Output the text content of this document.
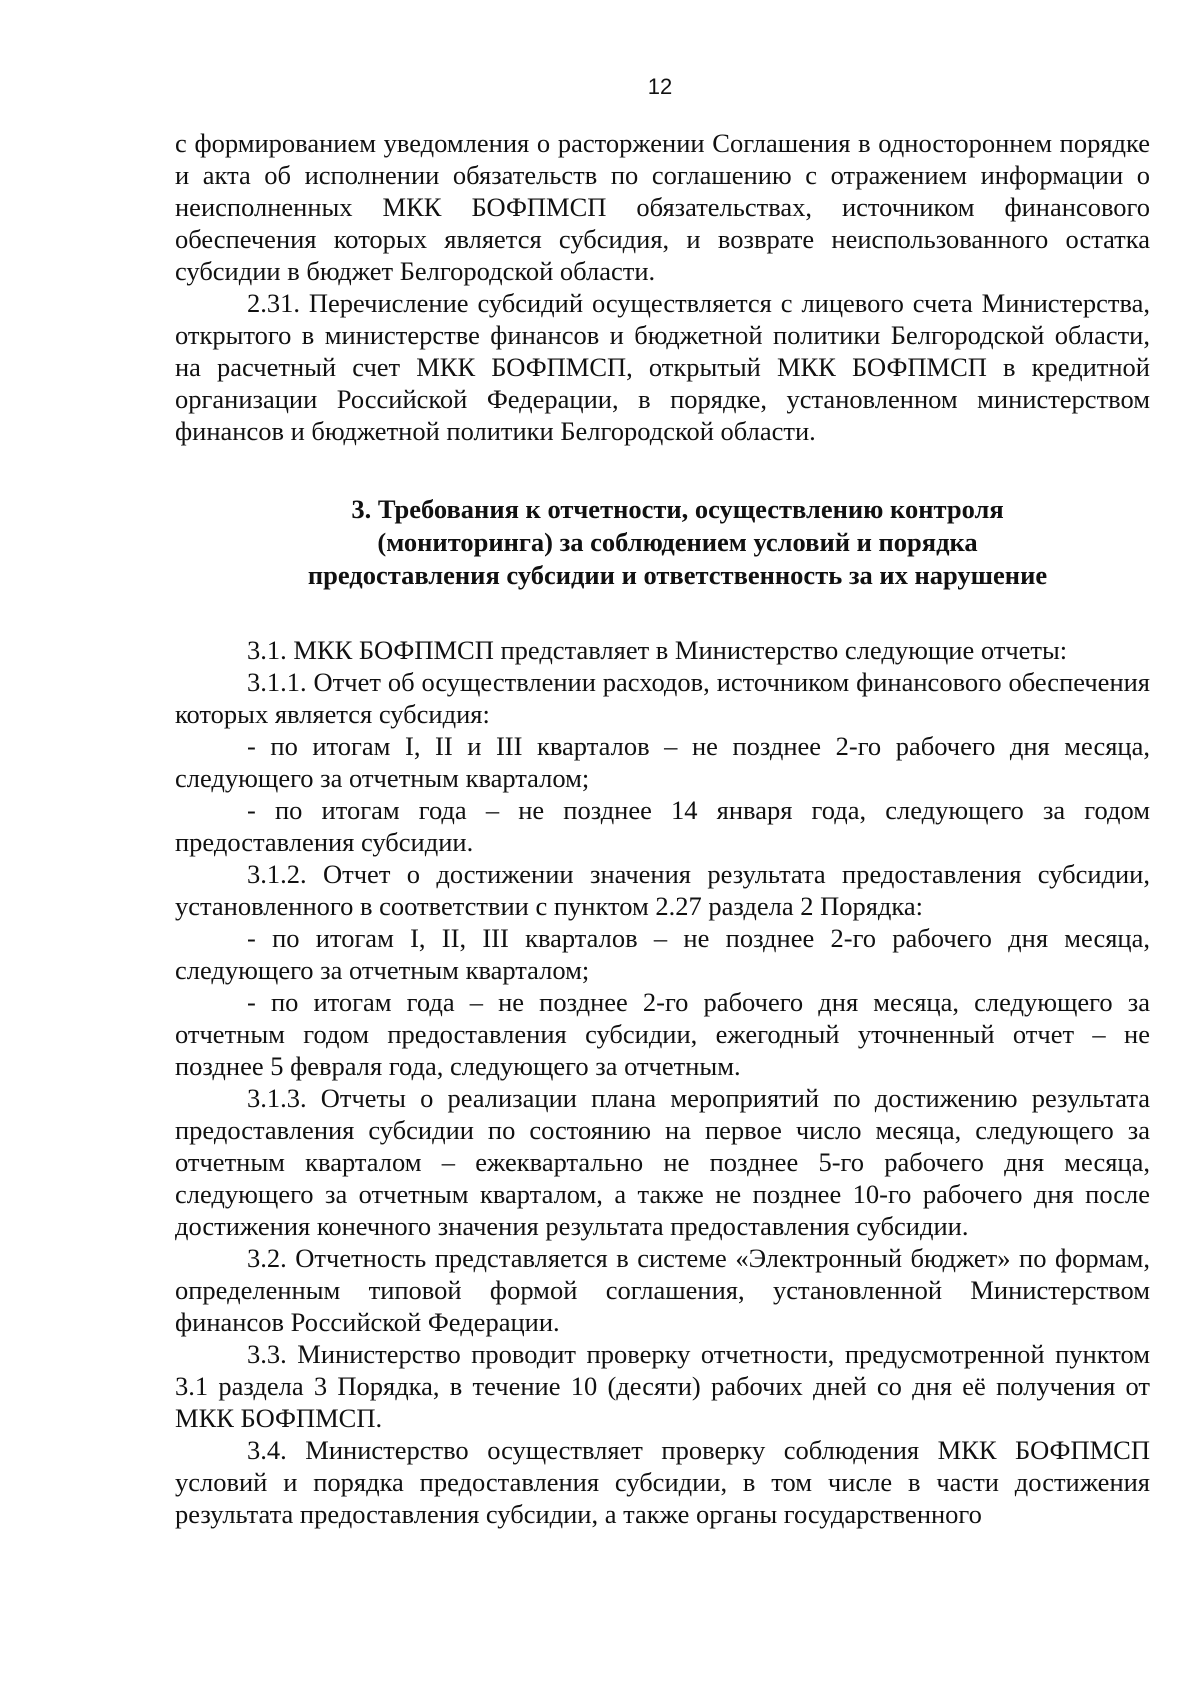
12

с формированием уведомления о расторжении Соглашения в одностороннем порядке и акта об исполнении обязательств по соглашению с отражением информации о неисполненных МКК БОФПМСП обязательствах, источником финансового обеспечения которых является субсидия, и возврате неиспользованного остатка субсидии в бюджет Белгородской области.

2.31. Перечисление субсидий осуществляется с лицевого счета Министерства, открытого в министерстве финансов и бюджетной политики Белгородской области, на расчетный счет МКК БОФПМСП, открытый МКК БОФПМСП в кредитной организации Российской Федерации, в порядке, установленном министерством финансов и бюджетной политики Белгородской области.

3. Требования к отчетности, осуществлению контроля
(мониторинга) за соблюдением условий и порядка
предоставления субсидии и ответственность за их нарушение

3.1. МКК БОФПМСП представляет в Министерство следующие отчеты:

3.1.1. Отчет об осуществлении расходов, источником финансового обеспечения которых является субсидия:

- по итогам I, II и III кварталов – не позднее 2-го рабочего дня месяца, следующего за отчетным кварталом;

- по итогам года – не позднее 14 января года, следующего за годом предоставления субсидии.

3.1.2. Отчет о достижении значения результата предоставления субсидии, установленного в соответствии с пунктом 2.27 раздела 2 Порядка:

- по итогам I, II, III кварталов – не позднее 2-го рабочего дня месяца, следующего за отчетным кварталом;

- по итогам года – не позднее 2-го рабочего дня месяца, следующего за отчетным годом предоставления субсидии, ежегодный уточненный отчет – не позднее 5 февраля года, следующего за отчетным.

3.1.3. Отчеты о реализации плана мероприятий по достижению результата предоставления субсидии по состоянию на первое число месяца, следующего за отчетным кварталом – ежеквартально не позднее 5-го рабочего дня месяца, следующего за отчетным кварталом, а также не позднее 10-го рабочего дня после достижения конечного значения результата предоставления субсидии.

3.2. Отчетность представляется в системе «Электронный бюджет» по формам, определенным типовой формой соглашения, установленной Министерством финансов Российской Федерации.

3.3. Министерство проводит проверку отчетности, предусмотренной пунктом 3.1 раздела 3 Порядка, в течение 10 (десяти) рабочих дней со дня её получения от МКК БОФПМСП.

3.4. Министерство осуществляет проверку соблюдения МКК БОФПМСП условий и порядка предоставления субсидии, в том числе в части достижения результата предоставления субсидии, а также органы государственного
